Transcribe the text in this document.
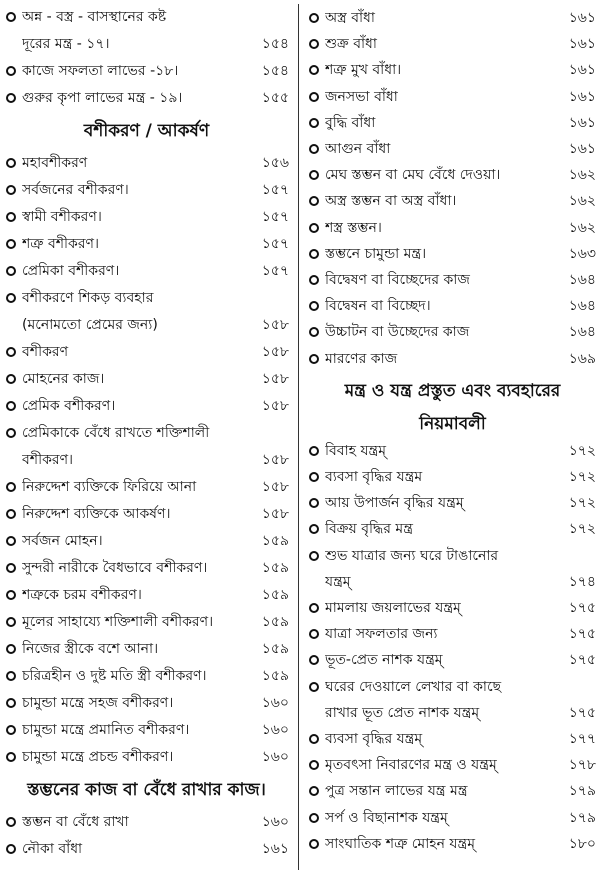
অন্ন - বস্ত্র - বাসস্থানের কষ্ট
দূরের মন্ত্র - ১৭।	১৫৪
কাজে সফলতা লাভের -১৮।	১৫৪
গুরুর কৃপা লাভের মন্ত্র - ১৯।	১৫৫
বশীকরণ / আকর্ষণ
মহাবশীকরণ	১৫৬
সর্বজনের বশীকরণ।	১৫৭
স্বামী বশীকরণ।	১৫৭
শত্রু বশীকরণ।	১৫৭
প্রেমিকা বশীকরণ।	১৫৭
বশীকরণে শিকড় ব্যবহার
(মনোমতো প্রেমের জন্য)	১৫৮
বশীকরণ	১৫৮
মোহনের কাজ।	১৫৮
প্রেমিক বশীকরণ।	১৫৮
প্রেমিকাকে বেঁধে রাখতে শক্তিশালী
বশীকরণ।	১৫৮
নিরুদ্দেশ ব্যক্তিকে ফিরিয়ে আনা	১৫৮
নিরুদ্দেশ ব্যক্তিকে আকর্ষণ।	১৫৮
সর্বজন মোহন।	১৫৯
সুন্দরী নারীকে বৈধভাবে বশীকরণ।	১৫৯
শত্রুকে চরম বশীকরণ।	১৫৯
মূলের সাহায্যে শক্তিশালী বশীকরণ।	১৫৯
নিজের স্ত্রীকে বশে আনা।	১৫৯
চরিত্রহীন ও দুষ্ট মতি স্ত্রী বশীকরণ।	১৫৯
চামুন্ডা মন্ত্রে সহজ বশীকরণ।	১৬০
চামুন্ডা মন্ত্রে প্রমানিত বশীকরণ।	১৬০
চামুন্ডা মন্ত্রে প্রচন্ড বশীকরণ।	১৬০
স্তম্ভনের কাজ বা বেঁধে রাখার কাজ।
স্তম্ভন বা বেঁধে রাখা	১৬০
নৌকা বাঁধা	১৬১
অস্ত্র বাঁধা	১৬১
শুক্র বাঁধা	১৬১
শত্রু মুখ বাঁধা।	১৬১
জনসভা বাঁধা	১৬১
বুদ্ধি বাঁধা	১৬১
আগুন বাঁধা	১৬১
মেঘ স্তম্ভন বা মেঘ বেঁধে দেওয়া।	১৬২
অস্ত্র স্তম্ভন বা অস্ত্র বাঁধা।	১৬২
শস্ত্র স্তম্ভন।	১৬২
স্তম্ভনে চামুন্ডা মন্ত্র।	১৬৩
বিদ্বেষণ বা বিচ্ছেদের কাজ	১৬৪
বিদ্বেষন বা বিচ্ছেদ।	১৬৪
উচ্চাটন বা উচ্ছেদের কাজ	১৬৪
মারণের কাজ	১৬৯
মন্ত্র ও যন্ত্র প্রস্তুত এবং ব্যবহারের
নিয়মাবলী
বিবাহ যন্ত্রম্	১৭২
ব্যবসা বৃদ্ধির যন্ত্রম	১৭২
আয় উপার্জন বৃদ্ধির যন্ত্রম্	১৭২
বিক্রয় বৃদ্ধির মন্ত্র	১৭২
শুভ যাত্রার জন্য ঘরে টাঙানোর
যন্ত্রম্	১৭৪
মামলায় জয়লাভের যন্ত্রম্	১৭৫
যাত্রা সফলতার জন্য	১৭৫
ভূত-প্রেত নাশক যন্ত্রম্	১৭৫
ঘরের দেওয়ালে লেখার বা কাছে
রাখার ভূত প্রেত নাশক যন্ত্রম্	১৭৫
ব্যবসা বৃদ্ধির যন্ত্রম্	১৭৭
মৃতবৎসা নিবারণের মন্ত্র ও যন্ত্রম্	১৭৮
পুত্র সন্তান লাভের যন্ত্র মন্ত্র	১৭৯
সর্প ও বিছানাশক যন্ত্রম্	১৭৯
সাংঘাতিক শত্রু মোহন যন্ত্রম্	১৮০
